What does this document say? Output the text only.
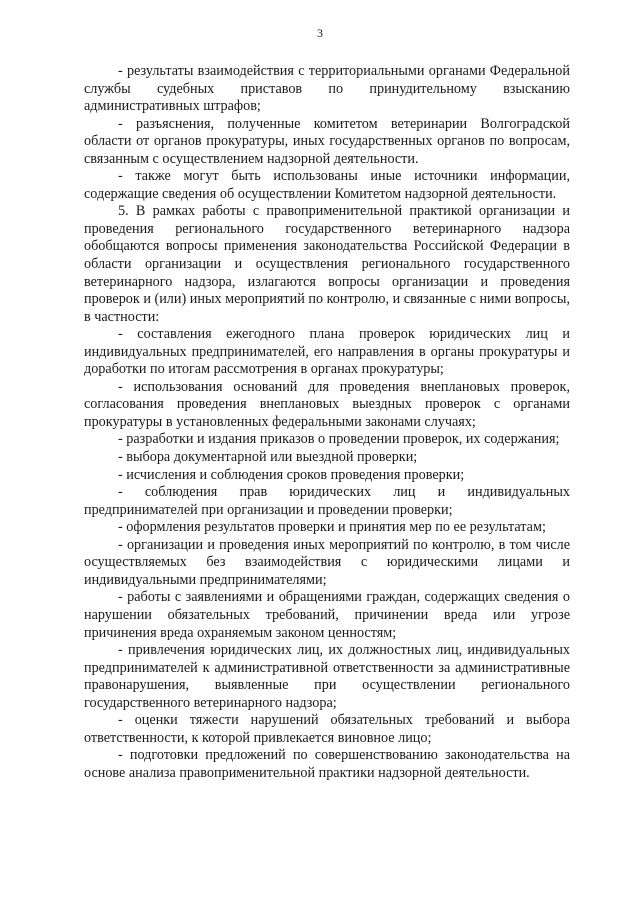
3

- результаты взаимодействия с территориальными органами Федеральной службы судебных приставов по принудительному взысканию административных штрафов;

- разъяснения, полученные комитетом ветеринарии Волгоградской области от органов прокуратуры, иных государственных органов по вопросам, связанным с осуществлением надзорной деятельности.

- также могут быть использованы иные источники информации, содержащие сведения об осуществлении Комитетом надзорной деятельности.

5. В рамках работы с правоприменительной практикой организации и проведения регионального государственного ветеринарного надзора обобщаются вопросы применения законодательства Российской Федерации в области организации и осуществления регионального государственного ветеринарного надзора, излагаются вопросы организации и проведения проверок и (или) иных мероприятий по контролю, и связанные с ними вопросы, в частности:

- составления ежегодного плана проверок юридических лиц и индивидуальных предпринимателей, его направления в органы прокуратуры и доработки по итогам рассмотрения в органах прокуратуры;

- использования оснований для проведения внеплановых проверок, согласования проведения внеплановых выездных проверок с органами прокуратуры в установленных федеральными законами случаях;

- разработки и издания приказов о проведении проверок, их содержания;

- выбора документарной или выездной проверки;

- исчисления и соблюдения сроков проведения проверки;

- соблюдения прав юридических лиц и индивидуальных предпринимателей при организации и проведении проверки;

- оформления результатов проверки и принятия мер по ее результатам;

- организации и проведения иных мероприятий по контролю, в том числе осуществляемых без взаимодействия с юридическими лицами и индивидуальными предпринимателями;

- работы с заявлениями и обращениями граждан, содержащих сведения о нарушении обязательных требований, причинении вреда или угрозе причинения вреда охраняемым законом ценностям;

- привлечения юридических лиц, их должностных лиц, индивидуальных предпринимателей к административной ответственности за административные правонарушения, выявленные при осуществлении регионального государственного ветеринарного надзора;

- оценки тяжести нарушений обязательных требований и выбора ответственности, к которой привлекается виновное лицо;

- подготовки предложений по совершенствованию законодательства на основе анализа правоприменительной практики надзорной деятельности.
